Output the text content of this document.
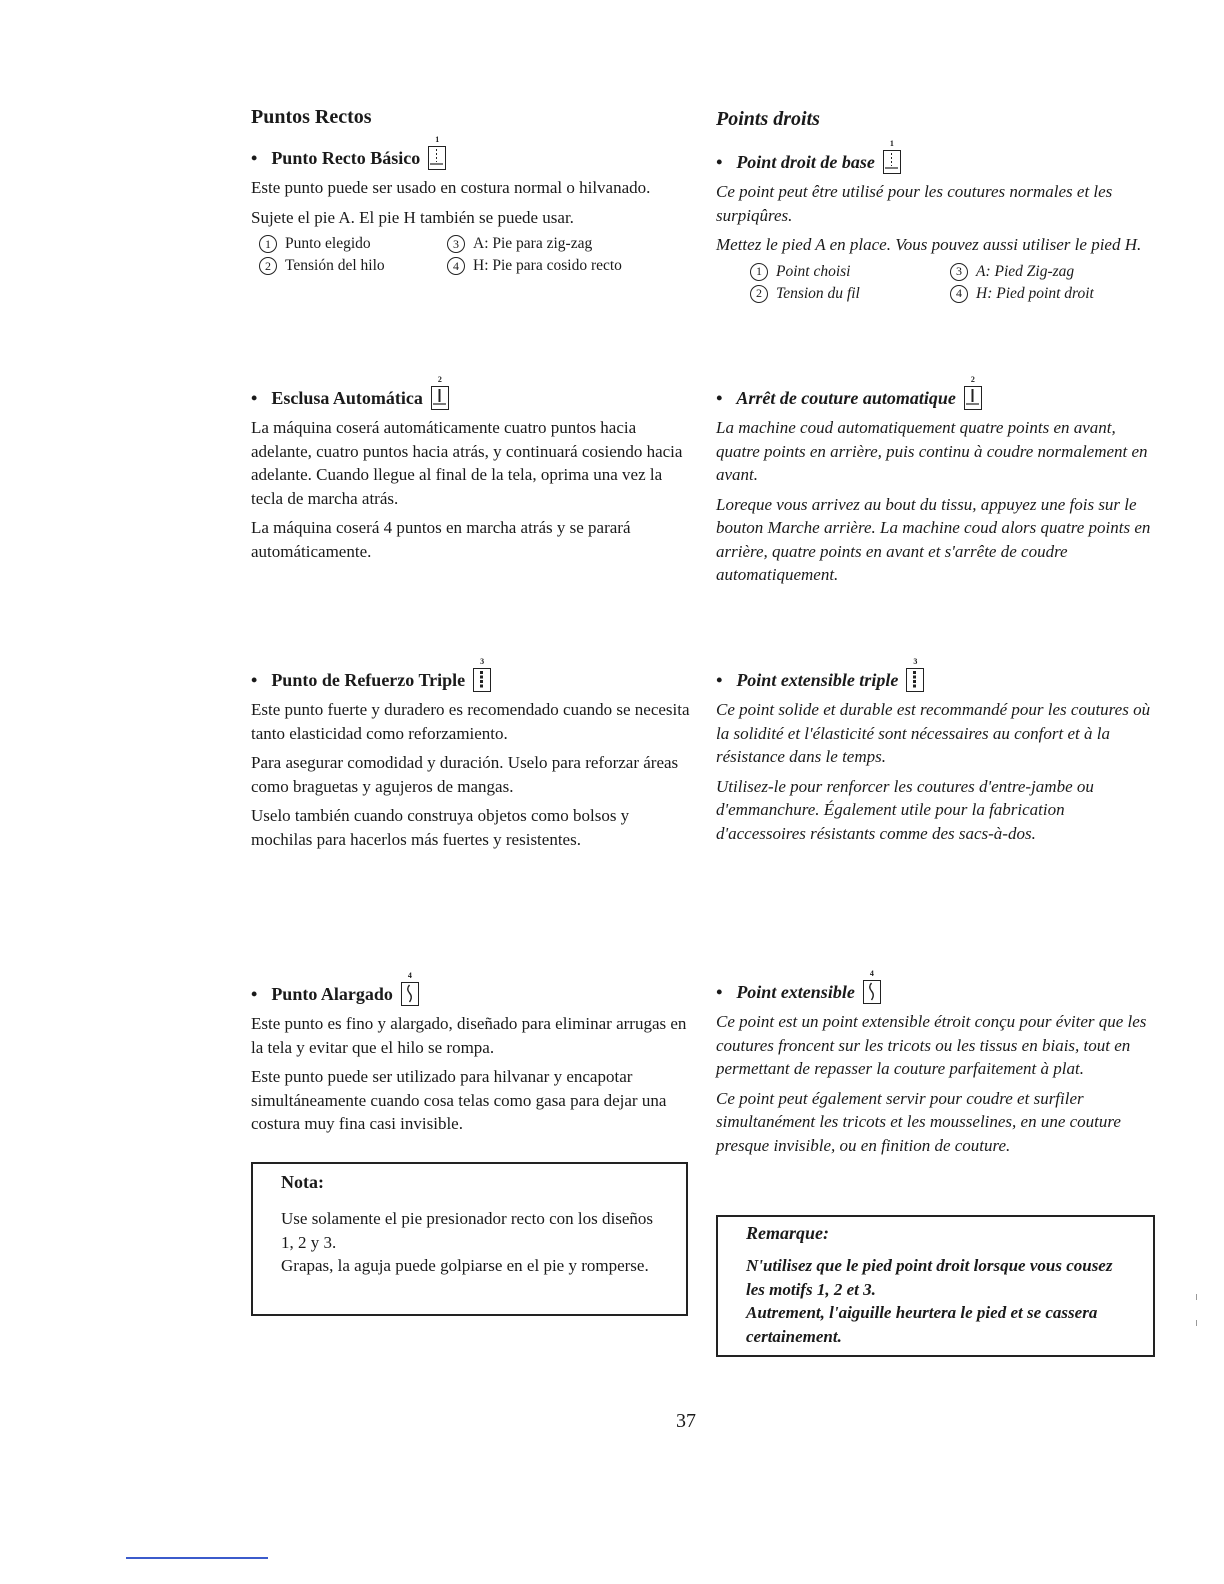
Puntos Rectos
• Punto Recto Básico
1

Este punto puede ser usado en costura normal o hilvanado.

Sujete el pie A. El pie H también se puede usar.

1 Punto elegido	3 A: Pie para zig-zag
2 Tensión del hilo	4 H: Pie para cosido recto
• Esclusa Automática
2

La máquina coserá automáticamente cuatro puntos hacia adelante, cuatro puntos hacia atrás, y continuará cosiendo hacia adelante. Cuando llegue al final de la tela, oprima una vez la tecla de marcha atrás.

La máquina coserá 4 puntos en marcha atrás y se parará automáticamente.

• Punto de Refuerzo Triple
3

Este punto fuerte y duradero es recomendado cuando se necesita tanto elasticidad como reforzamiento.

Para asegurar comodidad y duración. Uselo para reforzar áreas como braguetas y agujeros de mangas.

Uselo también cuando construya objetos como bolsos y mochilas para hacerlos más fuertes y resistentes.

• Punto Alargado
4

Este punto es fino y alargado, diseñado para eliminar arrugas en la tela y evitar que el hilo se rompa.

Este punto puede ser utilizado para hilvanar y encapotar simultáneamente cuando cosa telas como gasa para dejar una costura muy fina casi invisible.

Nota:

Use solamente el pie presionador recto con los diseños 1, 2 y 3.

Grapas, la aguja puede golpiarse en el pie y romperse.

Points droits
• Point droit de base
1

Ce point peut être utilisé pour les coutures normales et les surpiqûres.

Mettez le pied A en place. Vous pouvez aussi utiliser le pied H.

1 Point choisi	3 A: Pied Zig-zag
2 Tension du fil	4 H: Pied point droit
• Arrêt de couture automatique
2

La machine coud automatiquement quatre points en avant, quatre points en arrière, puis continu à coudre normalement en avant.

Loreque vous arrivez au bout du tissu, appuyez une fois sur le bouton Marche arrière. La machine coud alors quatre points en arrière, quatre points en avant et s'arrête de coudre automatiquement.

• Point extensible triple
3

Ce point solide et durable est recommandé pour les coutures où la solidité et l'élasticité sont nécessaires au confort et à la résistance dans le temps.

Utilisez-le pour renforcer les coutures d'entre-jambe ou d'emmanchure. Également utile pour la fabrication d'accessoires résistants comme des sacs-à-dos.

• Point extensible
4

Ce point est un point extensible étroit conçu pour éviter que les coutures froncent sur les tricots ou les tissus en biais, tout en permettant de repasser la couture parfaitement à plat.

Ce point peut également servir pour coudre et surfiler simultanément les tricots et les mousselines, en une couture presque invisible, ou en finition de couture.

Remarque:

N'utilisez que le pied point droit lorsque vous cousez les motifs 1, 2 et 3.

Autrement, l'aiguille heurtera le pied et se cassera certainement.

37
